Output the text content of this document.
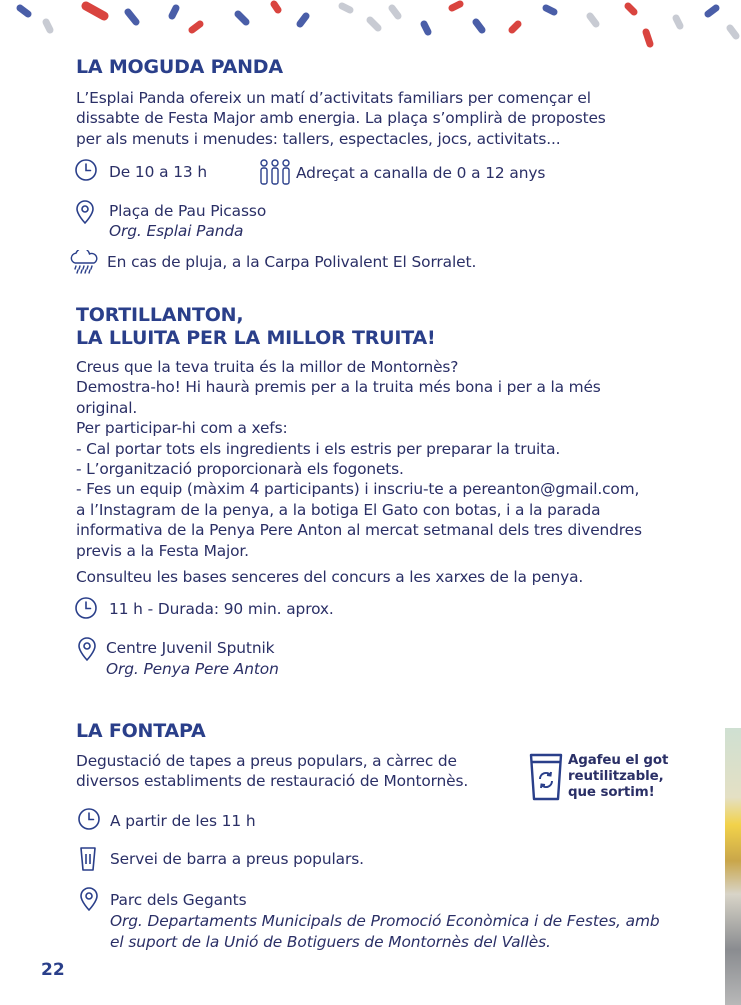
LA MOGUDA PANDA
L’Esplai Panda ofereix un matí d’activitats familiars per començar el
dissabte de Festa Major amb energia. La plaça s’omplirà de propostes
per als menuts i menudes: tallers, espectacles, jocs, activitats...
De 10 a 13 h	Adreçat a canalla de 0 a 12 anys
Plaça de Pau Picasso
Org. Esplai Panda
En cas de pluja, a la Carpa Polivalent El Sorralet.
TORTILLANTON,
LA LLUITA PER LA MILLOR TRUITA!
Creus que la teva truita és la millor de Montornès?
Demostra-ho! Hi haurà premis per a la truita més bona i per a la més
original.
Per participar-hi com a xefs:
- Cal portar tots els ingredients i els estris per preparar la truita.
- L’organització proporcionarà els fogonets.
- Fes un equip (màxim 4 participants) i inscriu-te a pereanton@gmail.com,
a l’Instagram de la penya, a la botiga El Gato con botas, i a la parada
informativa de la Penya Pere Anton al mercat setmanal dels tres divendres
previs a la Festa Major.
Consulteu les bases senceres del concurs a les xarxes de la penya.
11 h - Durada: 90 min. aprox.
Centre Juvenil Sputnik
Org. Penya Pere Anton
LA FONTAPA
Degustació de tapes a preus populars, a càrrec de
diversos establiments de restauració de Montornès.
Agafeu el got
reutilitzable,
que sortim!
A partir de les 11 h
Servei de barra a preus populars.
Parc dels Gegants
Org. Departaments Municipals de Promoció Econòmica i de Festes, amb
el suport de la Unió de Botiguers de Montornès del Vallès.
22
